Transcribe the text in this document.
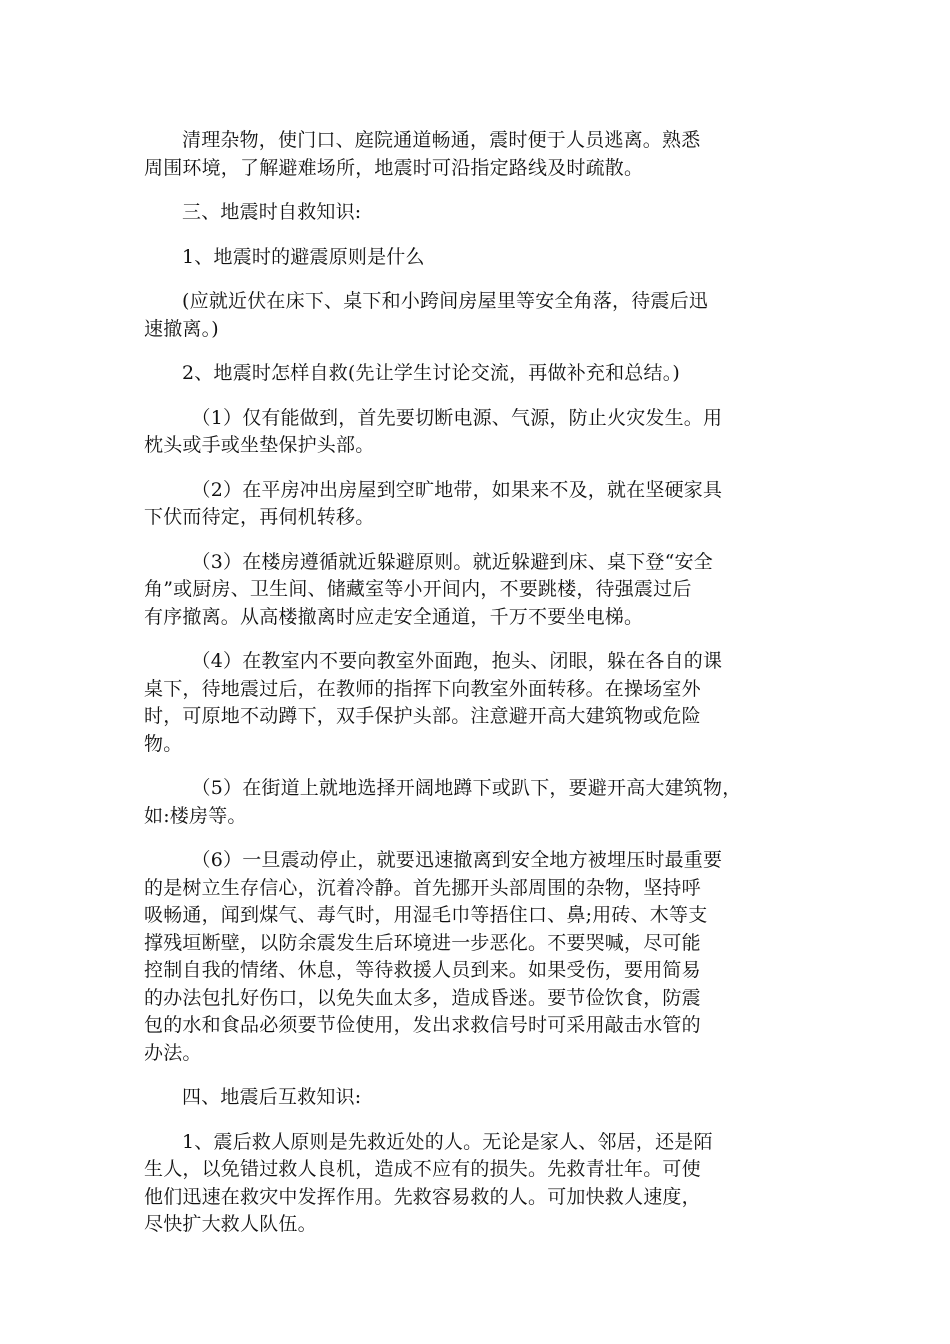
清理杂物，使门口、庭院通道畅通，震时便于人员逃离。熟悉
周围环境，了解避难场所，地震时可沿指定路线及时疏散。

三、地震时自救知识:

1、地震时的避震原则是什么

(应就近伏在床下、桌下和小跨间房屋里等安全角落，待震后迅
速撤离。)

2、地震时怎样自救(先让学生讨论交流，再做补充和总结。)

（1）仅有能做到，首先要切断电源、气源，防止火灾发生。用
枕头或手或坐垫保护头部。

（2）在平房冲出房屋到空旷地带，如果来不及，就在坚硬家具
下伏而待定，再伺机转移。

（3）在楼房遵循就近躲避原则。就近躲避到床、桌下登“安全
角”或厨房、卫生间、储藏室等小开间内，不要跳楼，待强震过后
有序撤离。从高楼撤离时应走安全通道，千万不要坐电梯。

（4）在教室内不要向教室外面跑，抱头、闭眼，躲在各自的课
桌下，待地震过后，在教师的指挥下向教室外面转移。在操场室外
时，可原地不动蹲下，双手保护头部。注意避开高大建筑物或危险
物。

（5）在街道上就地选择开阔地蹲下或趴下，要避开高大建筑物，
如:楼房等。

（6）一旦震动停止，就要迅速撤离到安全地方被埋压时最重要
的是树立生存信心，沉着冷静。首先挪开头部周围的杂物，坚持呼
吸畅通，闻到煤气、毒气时，用湿毛巾等捂住口、鼻;用砖、木等支
撑残垣断壁，以防余震发生后环境进一步恶化。不要哭喊，尽可能
控制自我的情绪、休息，等待救援人员到来。如果受伤，要用简易
的办法包扎好伤口，以免失血太多，造成昏迷。要节俭饮食，防震
包的水和食品必须要节俭使用，发出求救信号时可采用敲击水管的
办法。

四、地震后互救知识:

1、震后救人原则是先救近处的人。无论是家人、邻居，还是陌
生人，以免错过救人良机，造成不应有的损失。先救青壮年。可使
他们迅速在救灾中发挥作用。先救容易救的人。可加快救人速度，
尽快扩大救人队伍。
